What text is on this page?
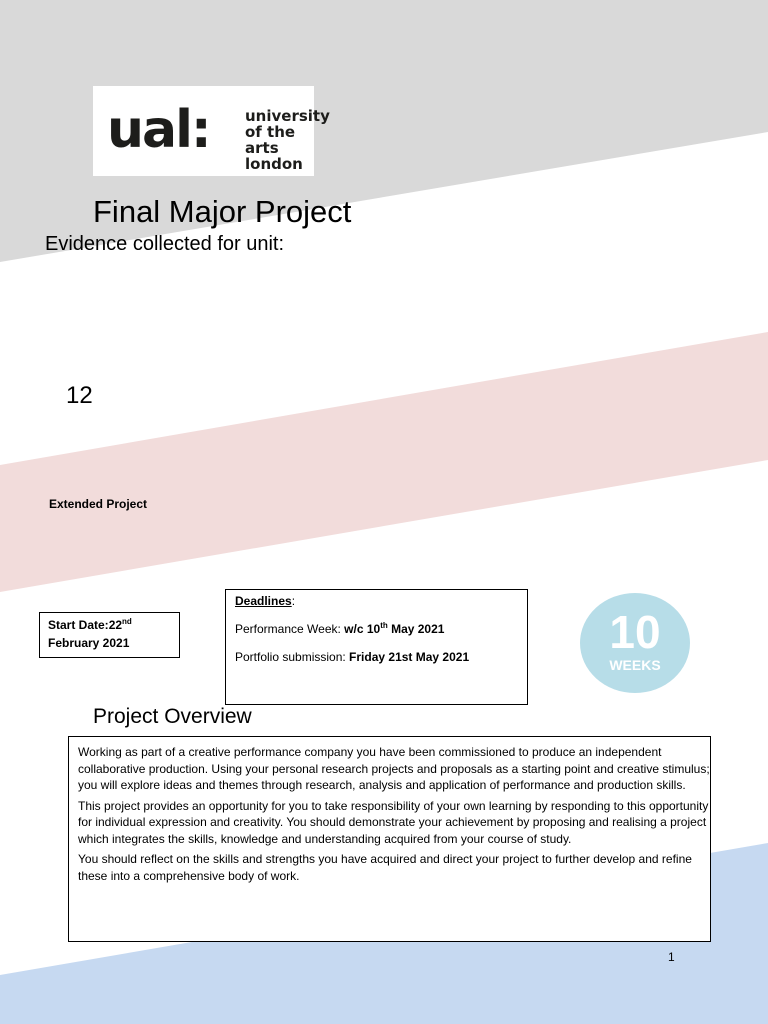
ual: university
of the arts
london
Final Major Project
Evidence collected for unit:
12
Extended Project
Start Date:22nd
February 2021

Deadlines:

Performance Week: w/c 10th May 2021

Portfolio submission: Friday 21st May 2021	10
WEEKS
Project Overview

Working as part of a creative performance company you have been commissioned to produce an independent collaborative production. Using your personal research projects and proposals as a starting point and creative stimulus; you will explore ideas and themes through research, analysis and application of performance and production skills.

This project provides an opportunity for you to take responsibility of your own learning by responding to this opportunity for individual expression and creativity. You should demonstrate your achievement by proposing and realising a project which integrates the skills, knowledge and understanding acquired from your course of study.

You should reflect on the skills and strengths you have acquired and direct your project to further develop and refine these into a comprehensive body of work.

1
